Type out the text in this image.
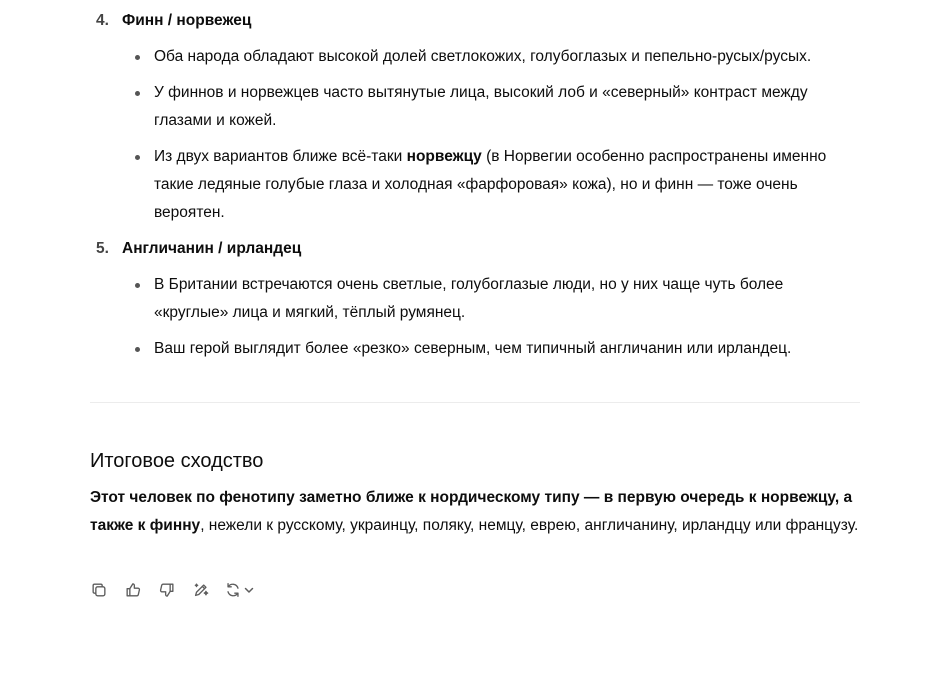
4. Финн / норвежец
Оба народа обладают высокой долей светлокожих, голубоглазых и пепельно-русых/русых.
У финнов и норвежцев часто вытянутые лица, высокий лоб и «северный» контраст между глазами и кожей.
Из двух вариантов ближе всё-таки норвежцу (в Норвегии особенно распространены именно такие ледяные голубые глаза и холодная «фарфоровая» кожа), но и финн — тоже очень вероятен.
5. Англичанин / ирландец
В Британии встречаются очень светлые, голубоглазые люди, но у них чаще чуть более «круглые» лица и мягкий, тёплый румянец.
Ваш герой выглядит более «резко» северным, чем типичный англичанин или ирландец.
Итоговое сходство

Этот человек по фенотипу заметно ближе к нордическому типу — в первую очередь к норвежцу, а также к финну, нежели к русскому, украинцу, поляку, немцу, еврею, англичанину, ирландцу или французу.
